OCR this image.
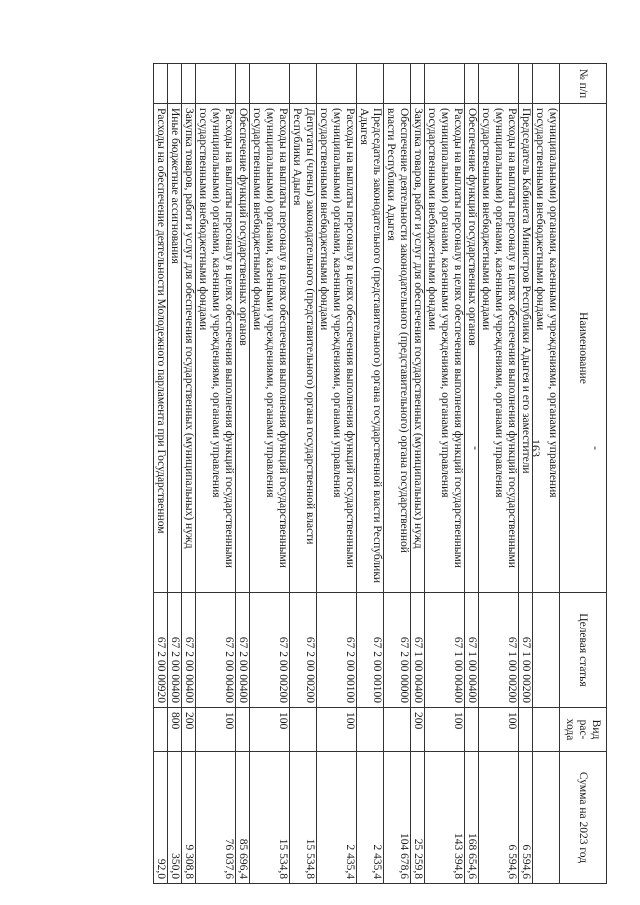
- 163 -
№ п/п	Наименование	Целевая статья	Вид рас-хода	Сумма на 2023 год
	(муниципальными) органами, казенными учреждениями, органами управления государственными внебюджетными фондами			
	Председатель Кабинета Министров Республики Адыгея и его заместители	67 1 00 00200		6 594,6
	Расходы на выплаты персоналу в целях обеспечения выполнения функций государственными (муниципальными) органами, казенными учреждениями, органами управления государственными внебюджетными фондами	67 1 00 00200	100	6 594,6
	Обеспечение функций государственных органов	67 1 00 00400		168 654,6
	Расходы на выплаты персоналу в целях обеспечения выполнения функций государственными (муниципальными) органами, казенными учреждениями, органами управления государственными внебюджетными фондами	67 1 00 00400	100	143 394,8
	Закупка товаров, работ и услуг для обеспечения государственных (муниципальных) нужд	67 1 00 00400	200	25 259,8
	Обеспечение деятельности законодательного (представительного) органа государственной власти Республики Адыгея	67 2 00 00000		104 678,6
	Председатель законодательного (представительного) органа государственной власти Республики Адыгея	67 2 00 00100		2 435,4
	Расходы на выплаты персоналу в целях обеспечения выполнения функций государственными (муниципальными) органами, казенными учреждениями, органами управления государственными внебюджетными фондами	67 2 00 00100	100	2 435,4
	Депутаты (члены) законодательного (представительного) органа государственной власти Республики Адыгея	67 2 00 00200		15 534,8
	Расходы на выплаты персоналу в целях обеспечения выполнения функций государственными (муниципальными) органами, казенными учреждениями, органами управления государственными внебюджетными фондами	67 2 00 00200	100	15 534,8
	Обеспечение функций государственных органов	67 2 00 00400		85 696,4
	Расходы на выплаты персоналу в целях обеспечения выполнения функций государственными (муниципальными) органами, казенными учреждениями, органами управления государственными внебюджетными фондами	67 2 00 00400	100	76 037,6
	Закупка товаров, работ и услуг для обеспечения государственных (муниципальных) нужд	67 2 00 00400	200	9 308,8
	Иные бюджетные ассигнования	67 2 00 00400	800	350,0
	Расходы на обеспечение деятельности Молодежного парламента при Государственном	67 2 00 00920		92,0
